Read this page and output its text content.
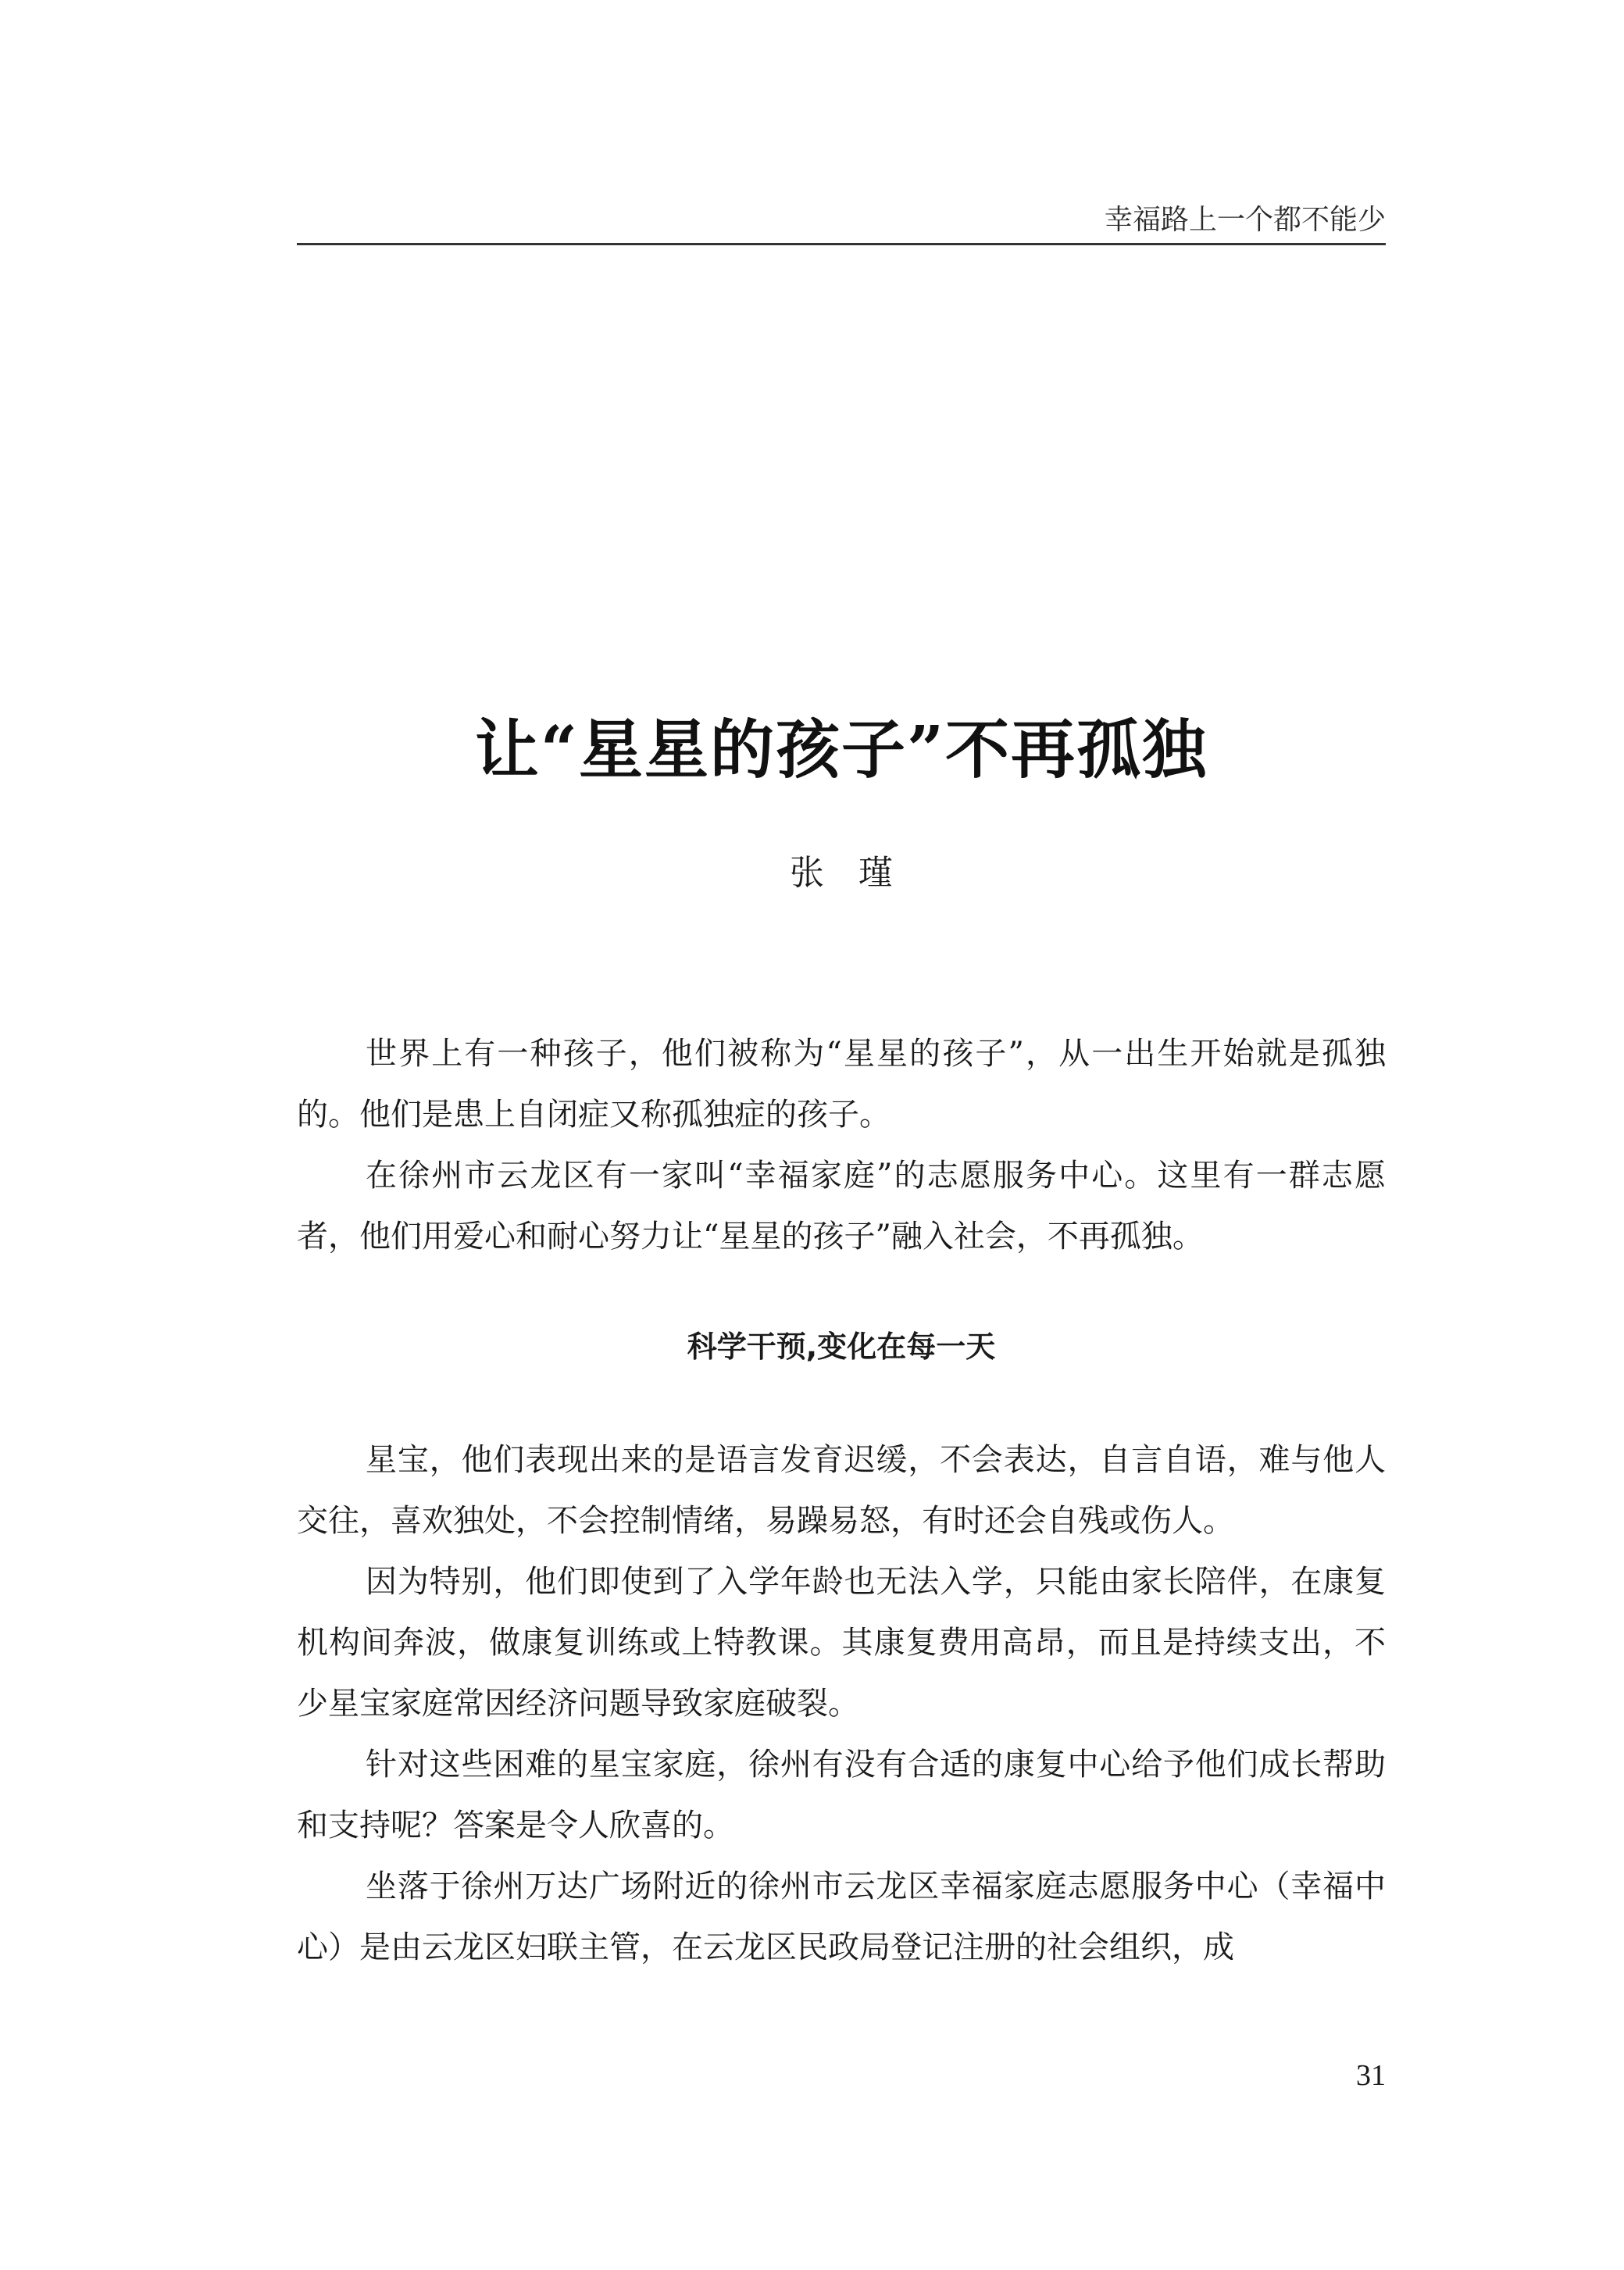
幸福路上一个都不能少
让“星星的孩子”不再孤独
张瑾

世界上有一种孩子，他们被称为“星星的孩子”，从一出生开始就是孤独的。他们是患上自闭症又称孤独症的孩子。

在徐州市云龙区有一家叫“幸福家庭”的志愿服务中心。这里有一群志愿者，他们用爱心和耐心努力让“星星的孩子”融入社会，不再孤独。

科学干预,变化在每一天

星宝，他们表现出来的是语言发育迟缓，不会表达，自言自语，难与他人交往，喜欢独处，不会控制情绪，易躁易怒，有时还会自残或伤人。

因为特别，他们即使到了入学年龄也无法入学，只能由家长陪伴，在康复机构间奔波，做康复训练或上特教课。其康复费用高昂，而且是持续支出，不少星宝家庭常因经济问题导致家庭破裂。

针对这些困难的星宝家庭，徐州有没有合适的康复中心给予他们成长帮助和支持呢？答案是令人欣喜的。

坐落于徐州万达广场附近的徐州市云龙区幸福家庭志愿服务中心（幸福中心）是由云龙区妇联主管，在云龙区民政局登记注册的社会组织，成

31
